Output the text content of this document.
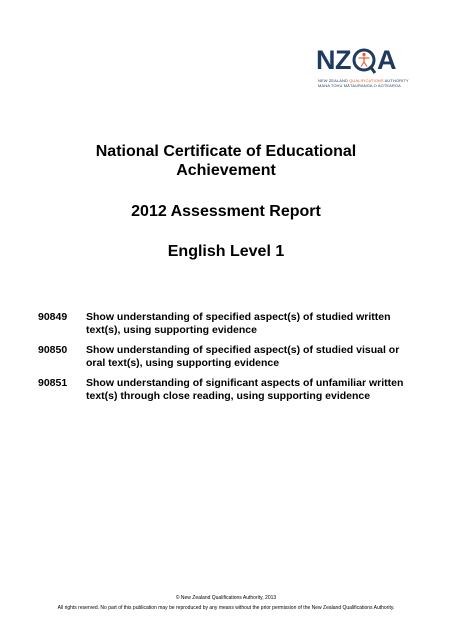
N Z A
NEW ZEALAND QUALIFICATIONS AUTHORITY
MANA TOHU MĀTAURANGA O AOTEAROA
National Certificate of Educational Achievement
2012 Assessment Report
English Level 1
90849	Show understanding of specified aspect(s) of studied written text(s), using supporting evidence
90850	Show understanding of specified aspect(s) of studied visual or oral text(s), using supporting evidence
90851	Show understanding of significant aspects of unfamiliar written text(s) through close reading, using supporting evidence
© New Zealand Qualifications Authority, 2013
All rights reserved. No part of this publication may be reproduced by any means without the prior permission of the New Zealand Qualifications Authority.
